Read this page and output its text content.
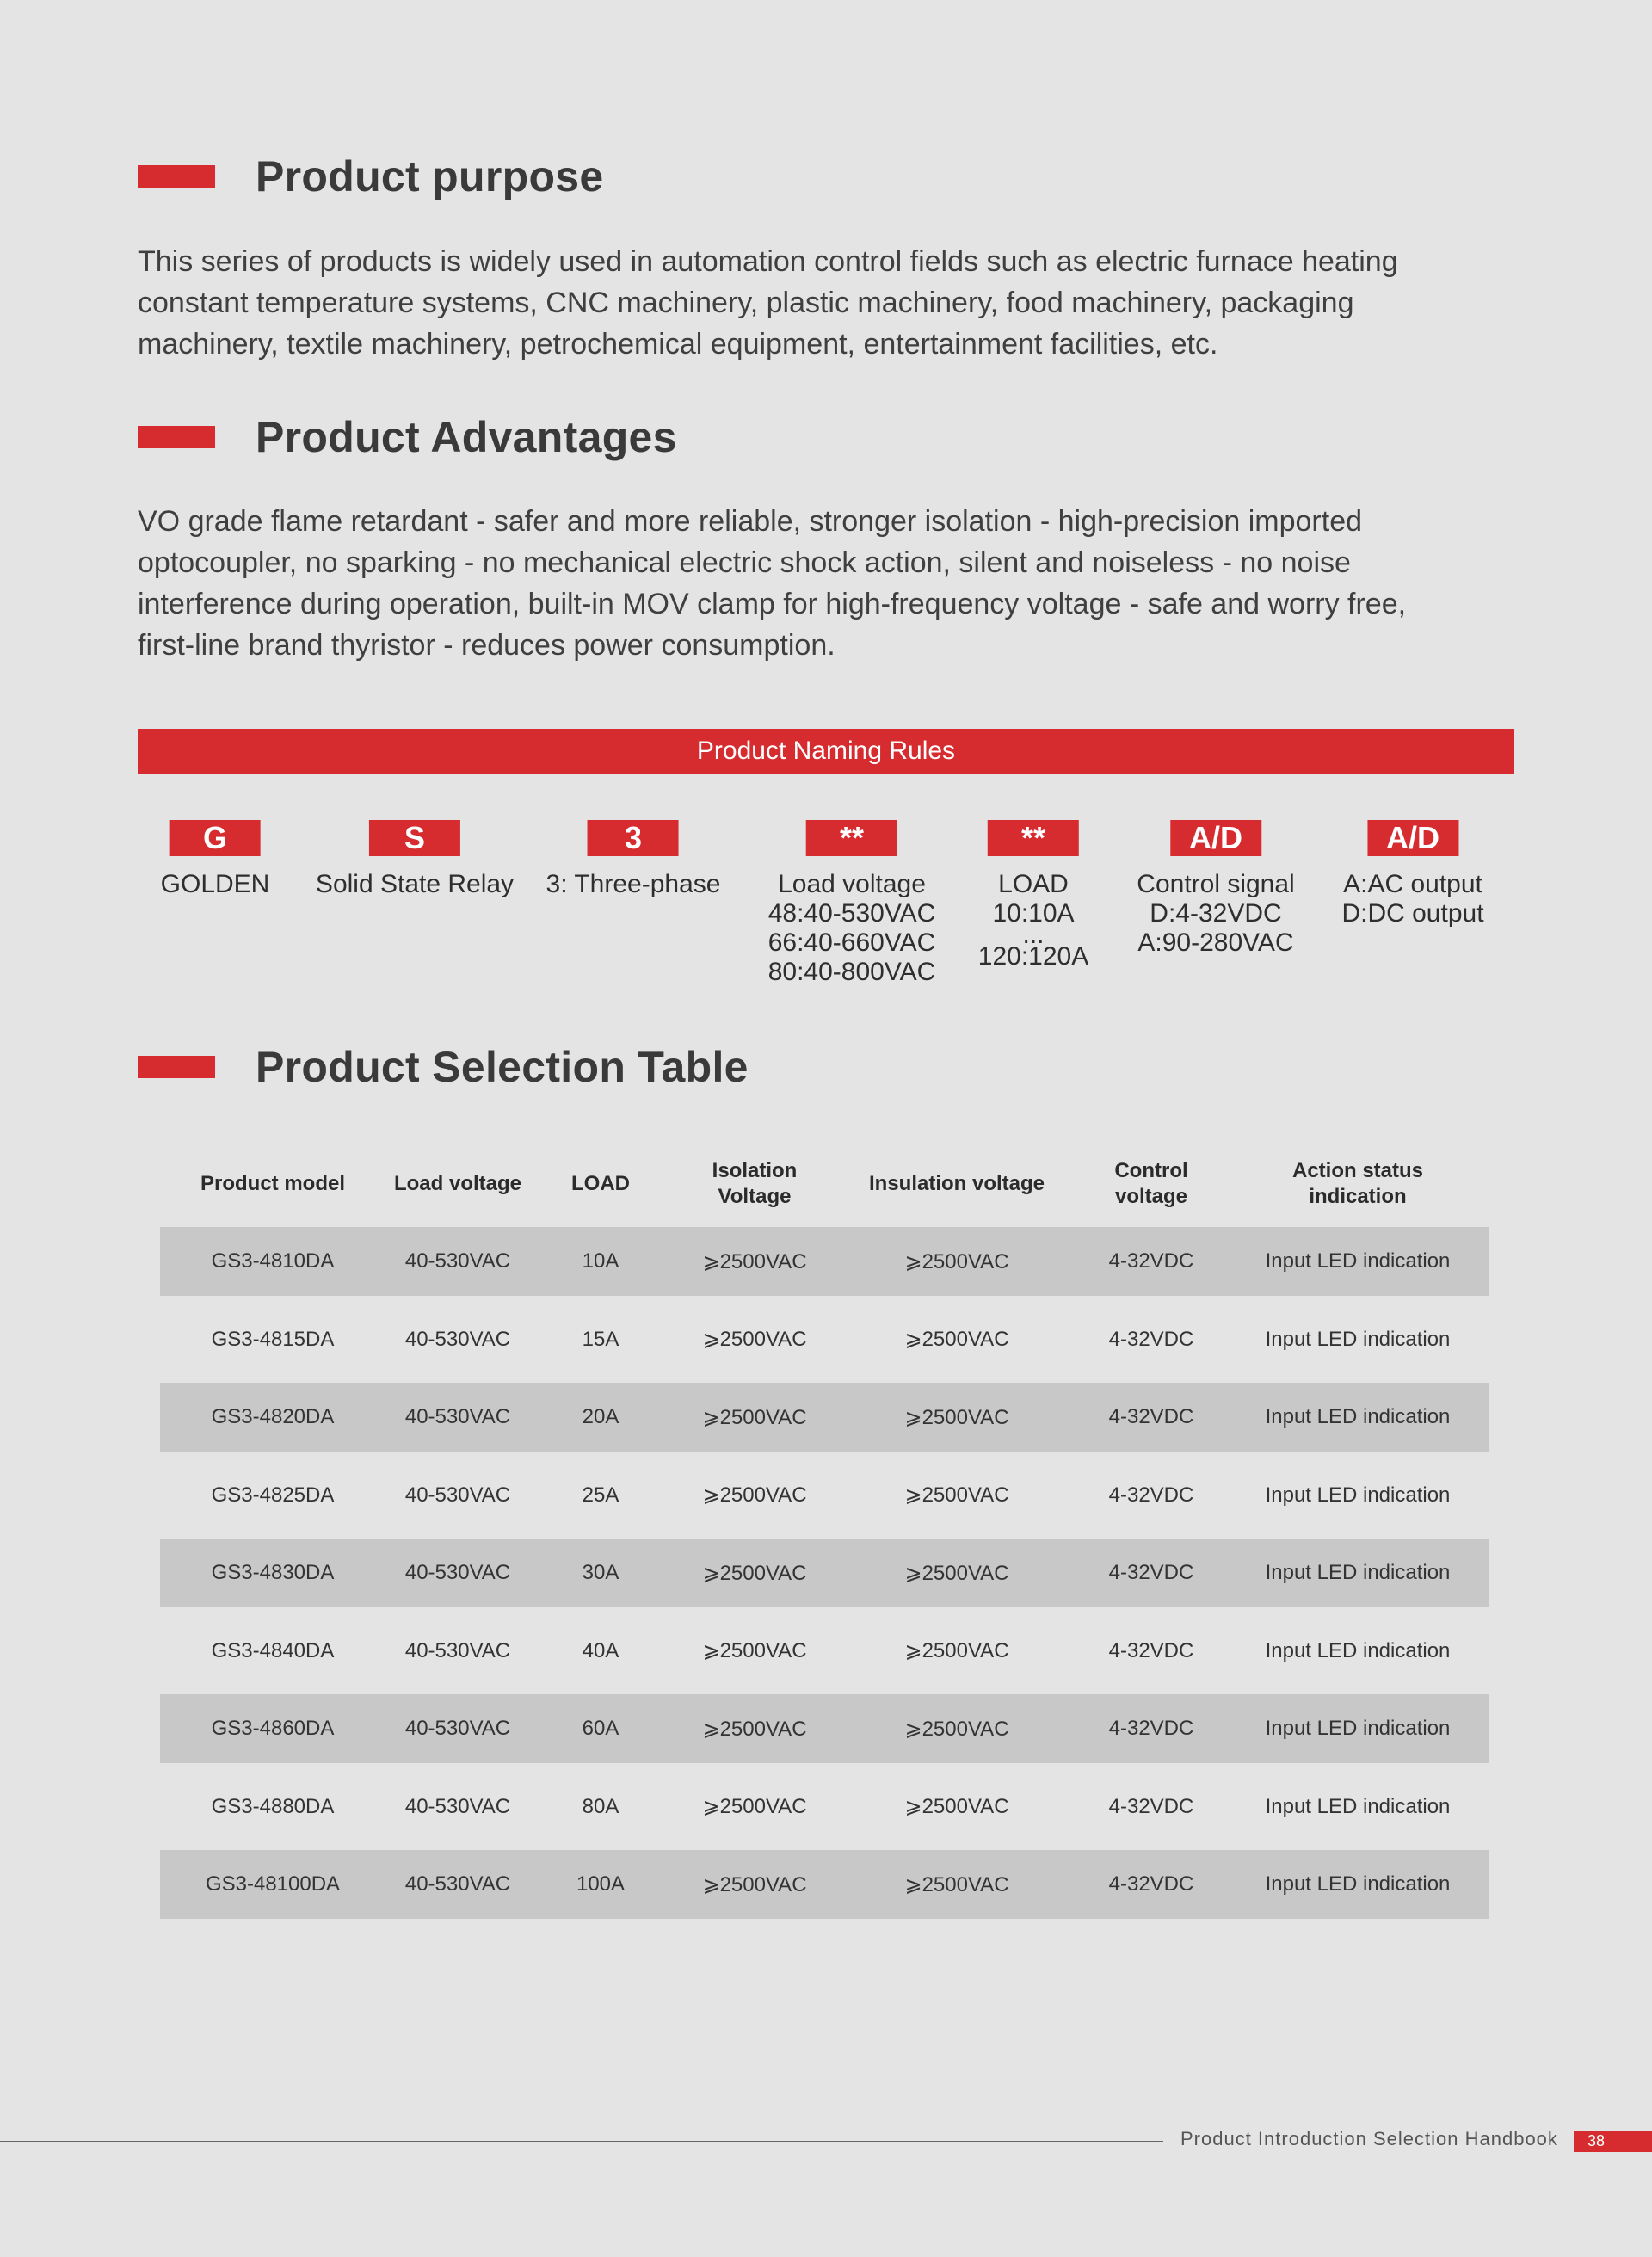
Product purpose

This series of products is widely used in automation control fields such as electric furnace heating constant temperature systems, CNC machinery, plastic machinery, food machinery, packaging machinery, textile machinery, petrochemical equipment, entertainment facilities, etc.

Product Advantages

VO grade flame retardant - safer and more reliable, stronger isolation - high-precision imported optocoupler, no sparking - no mechanical electric shock action, silent and noiseless - no noise interference during operation, built-in MOV clamp for high-frequency voltage - safe and worry free, first-line brand thyristor - reduces power consumption.

Product Naming Rules
G
GOLDEN
S
Solid State Relay
3
3: Three-phase
**
Load voltage
48:40-530VAC
66:40-660VAC
80:40-800VAC
**
LOAD
10:10A
...
120:120A
A/D
Control signal
D:4-32VDC
A:90-280VAC
A/D
A:AC output
D:DC output
Product Selection Table
Product model	Load voltage	LOAD	Isolation Voltage	Insulation voltage	Control voltage	Action status indication
GS3-4810DA	40-530VAC	10A	⩾2500VAC	⩾2500VAC	4-32VDC	Input LED indication
GS3-4815DA	40-530VAC	15A	⩾2500VAC	⩾2500VAC	4-32VDC	Input LED indication
GS3-4820DA	40-530VAC	20A	⩾2500VAC	⩾2500VAC	4-32VDC	Input LED indication
GS3-4825DA	40-530VAC	25A	⩾2500VAC	⩾2500VAC	4-32VDC	Input LED indication
GS3-4830DA	40-530VAC	30A	⩾2500VAC	⩾2500VAC	4-32VDC	Input LED indication
GS3-4840DA	40-530VAC	40A	⩾2500VAC	⩾2500VAC	4-32VDC	Input LED indication
GS3-4860DA	40-530VAC	60A	⩾2500VAC	⩾2500VAC	4-32VDC	Input LED indication
GS3-4880DA	40-530VAC	80A	⩾2500VAC	⩾2500VAC	4-32VDC	Input LED indication
GS3-48100DA	40-530VAC	100A	⩾2500VAC	⩾2500VAC	4-32VDC	Input LED indication
Product Introduction Selection Handbook	38
